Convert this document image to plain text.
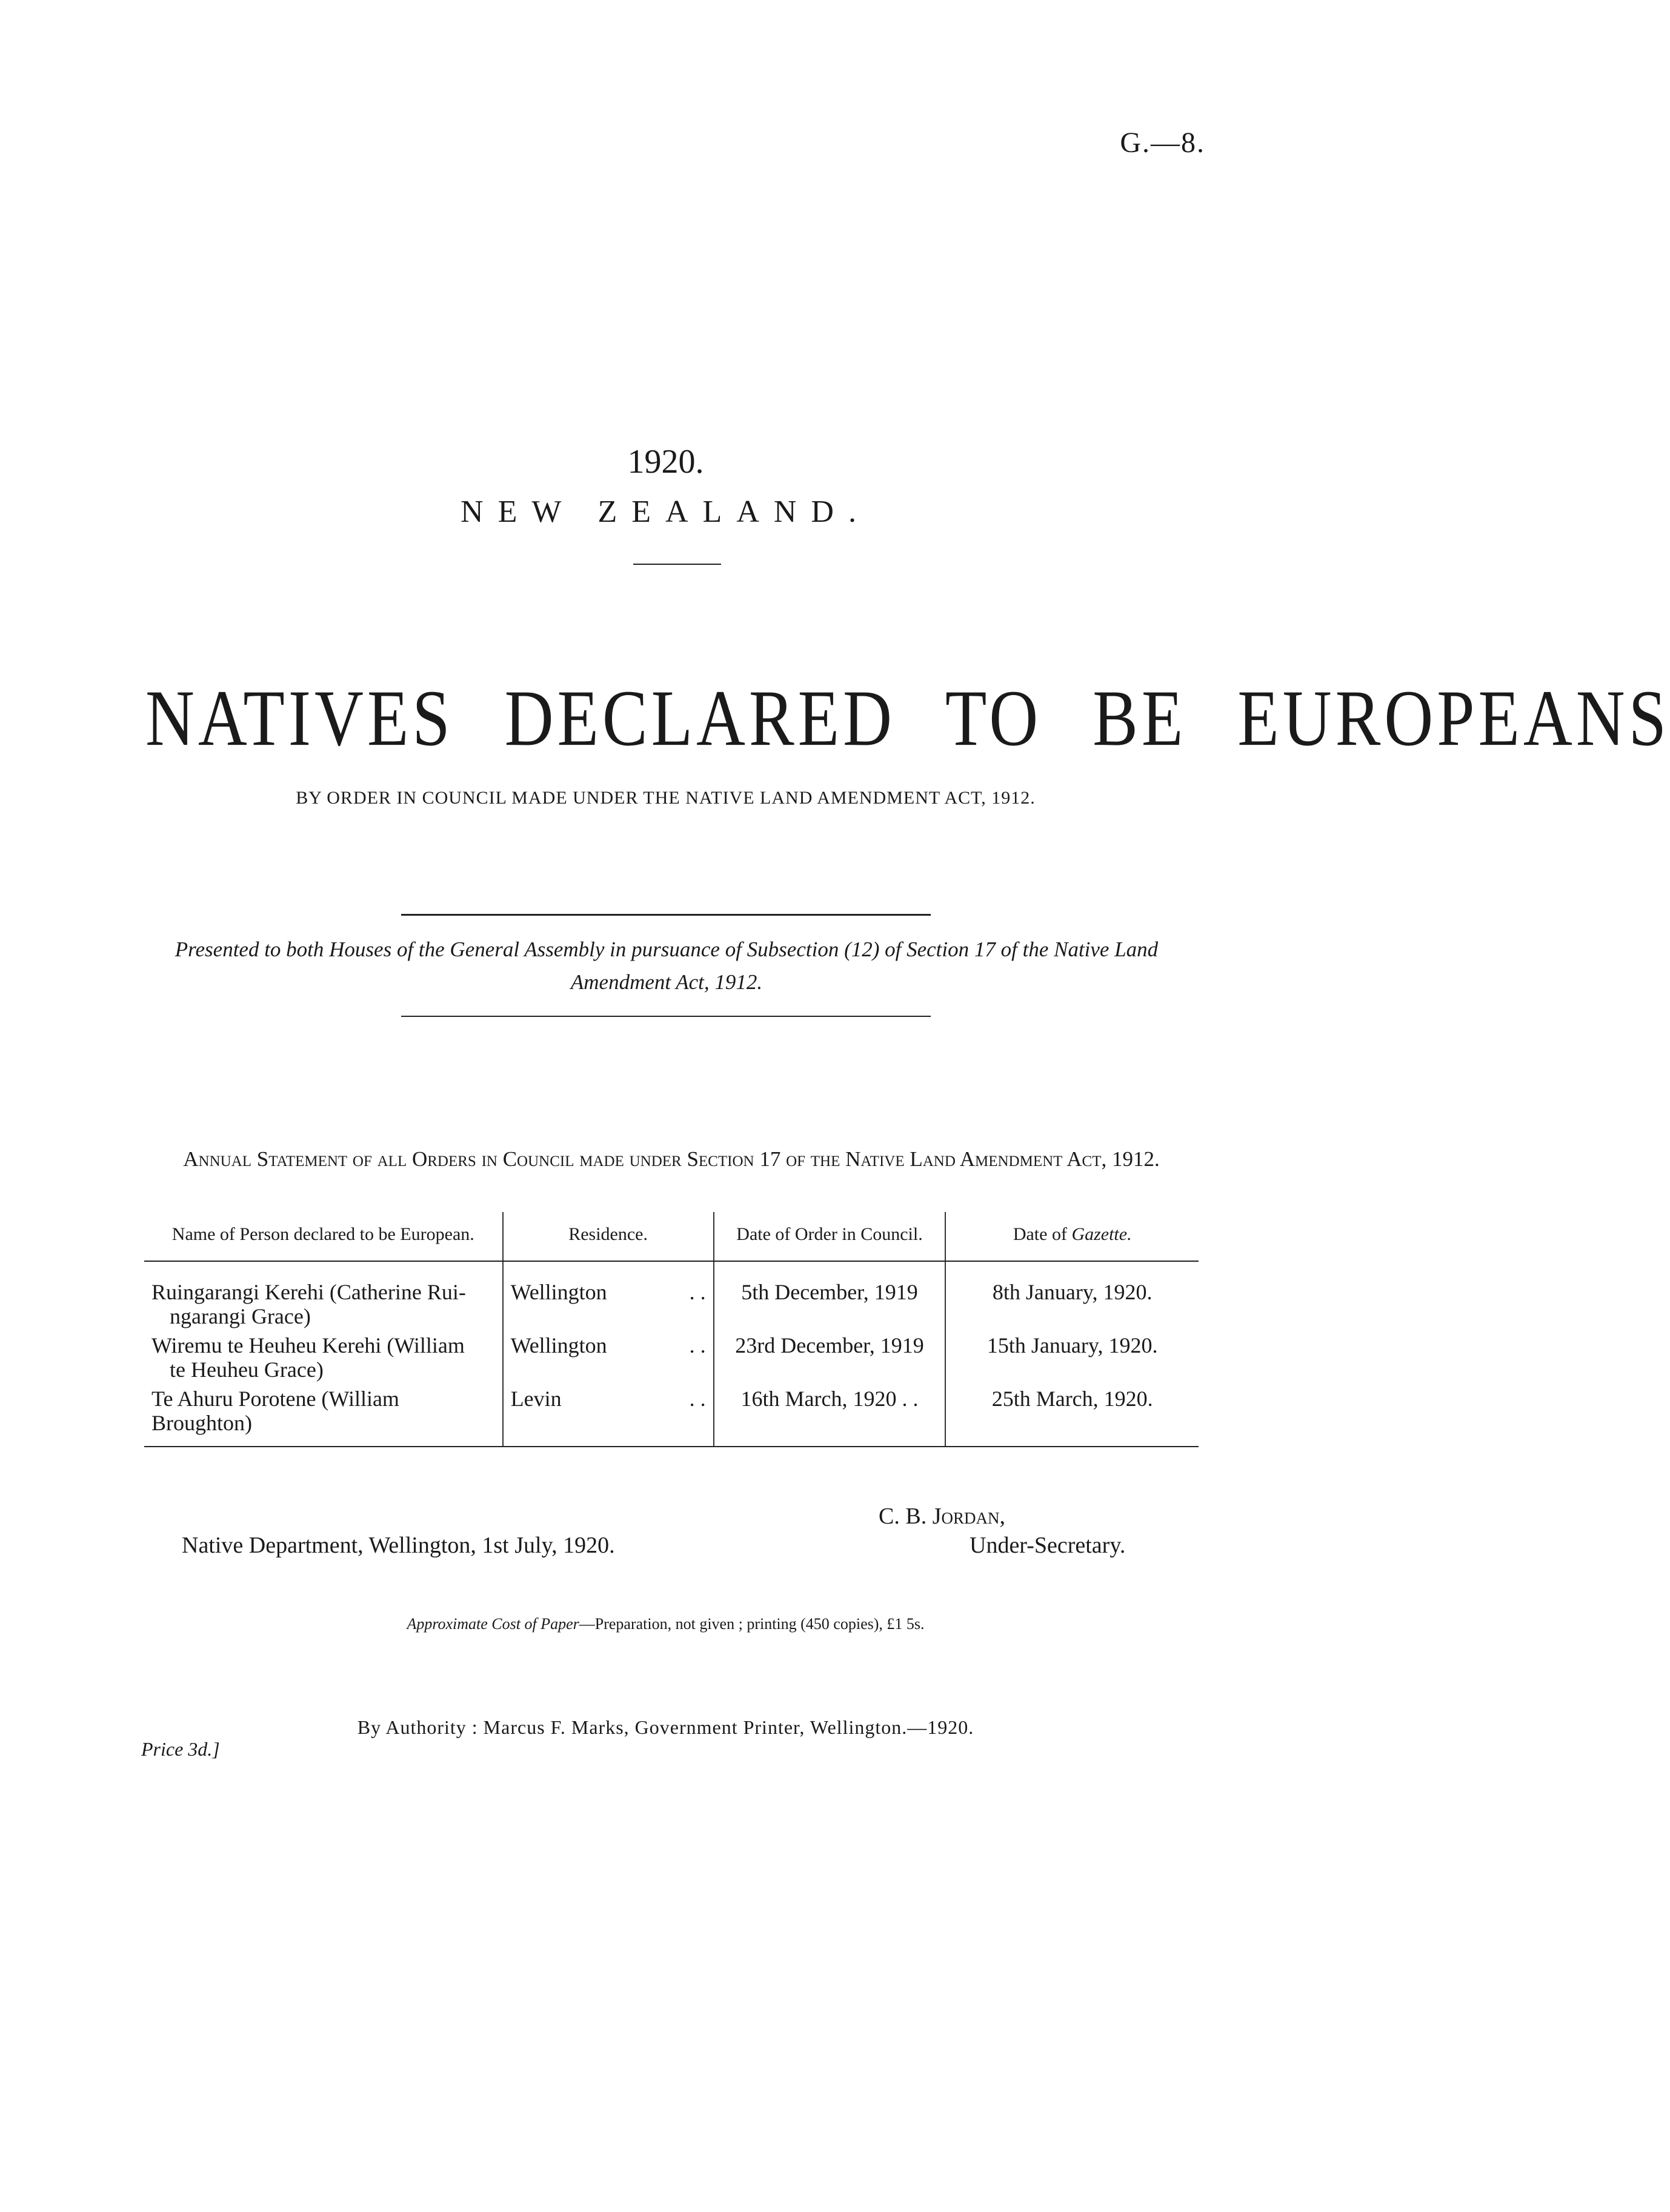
G.—8.
1920.
NEW ZEALAND.
NATIVES DECLARED TO BE EUROPEANS
BY ORDER IN COUNCIL MADE UNDER THE NATIVE LAND AMENDMENT ACT, 1912.
Presented to both Houses of the General Assembly in pursuance of Subsection (12) of Section 17 of the Native Land Amendment Act, 1912.
Annual Statement of all Orders in Council made under Section 17 of the Native Land Amendment Act, 1912.
Name of Person declared to be European.	Residence.	Date of Order in Council.	Date of Gazette.
Ruingarangi Kerehi (Catherine Rui-
ngarangi Grace)	Wellington . .	5th December, 1919	8th January, 1920.
Wiremu te Heuheu Kerehi (William
te Heuheu Grace)	Wellington . .	23rd December, 1919	15th January, 1920.
Te Ahuru Porotene (William
Broughton)	Levin . .	16th March, 1920 . .	25th March, 1920.
C. B. Jordan,
Native Department, Wellington, 1st July, 1920.	Under-Secretary.
Approximate Cost of Paper—Preparation, not given ; printing (450 copies), £1 5s.
By Authority : Marcus F. Marks, Government Printer, Wellington.—1920.
Price 3d.]
